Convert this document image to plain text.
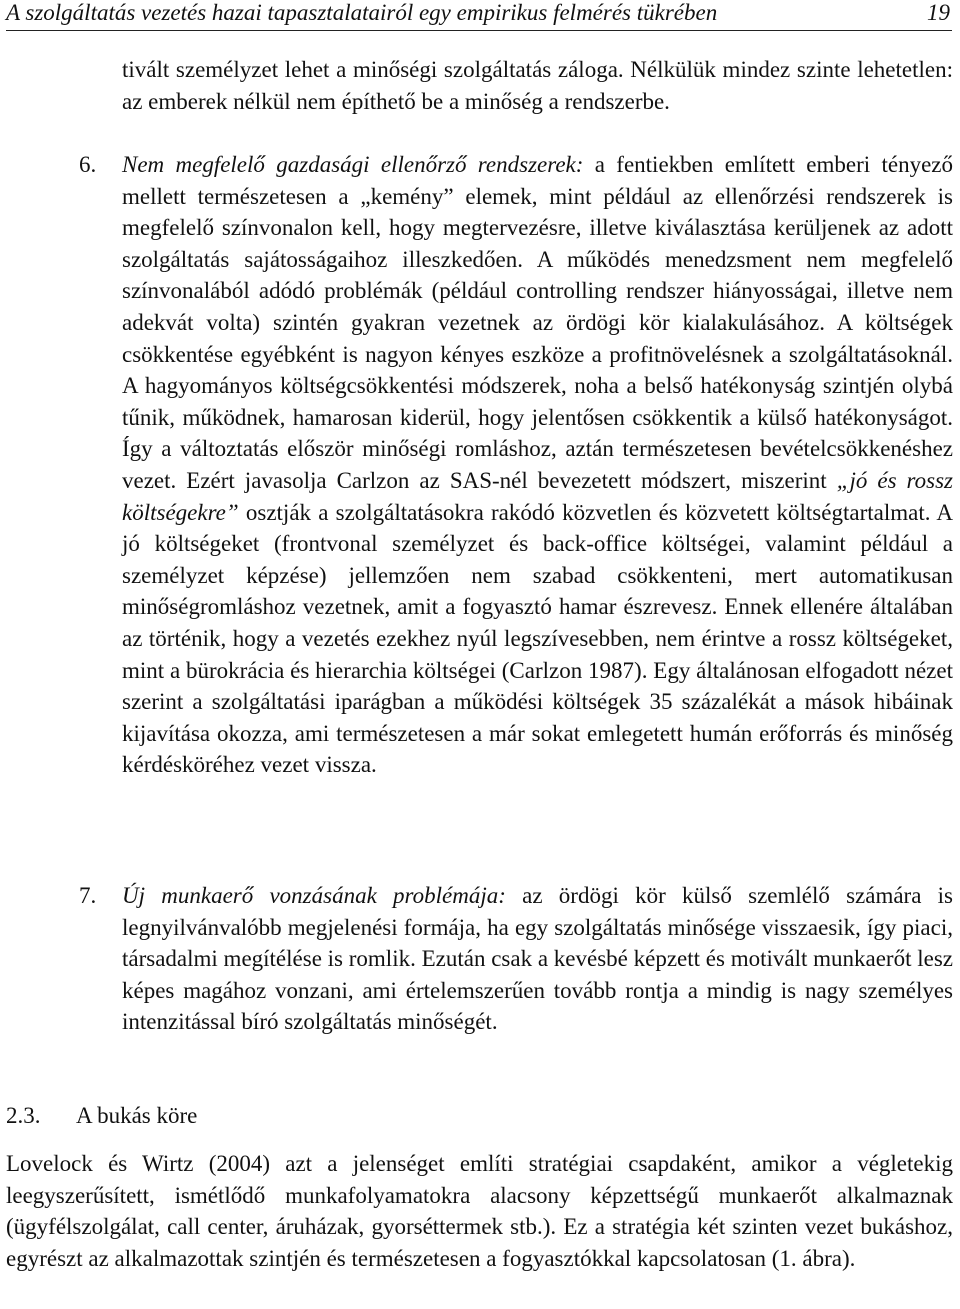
A szolgáltatás vezetés hazai tapasztalatairól egy empirikus felmérés tükrében	19
tivált személyzet lehet a minőségi szolgáltatás záloga. Nélkülük mindez szinte lehetetlen: az emberek nélkül nem építhető be a minőség a rendszerbe.
6. Nem megfelelő gazdasági ellenőrző rendszerek: a fentiekben említett emberi tényező mellett természetesen a „kemény” elemek, mint például az ellenőrzési rendszerek is megfelelő színvonalon kell, hogy megtervezésre, illetve kiválasztása kerüljenek az adott szolgáltatás sajátosságaihoz illeszkedően. A működés menedzsment nem megfelelő színvonalából adódó problémák (például controlling rendszer hiányosságai, illetve nem adekvát volta) szintén gyakran vezetnek az ördögi kör kialakulásához. A költségek csökkentése egyébként is nagyon kényes eszköze a profitnövelésnek a szolgáltatásoknál. A hagyományos költségcsökkentési módszerek, noha a belső hatékonyság szintjén olybá tűnik, működnek, hamarosan kiderül, hogy jelentősen csökkentik a külső hatékonyságot. Így a változtatás először minőségi romláshoz, aztán természetesen bevételcsökkenéshez vezet. Ezért javasolja Carlzon az SAS-nél bevezetett módszert, miszerint „jó és rossz költségekre” osztják a szolgáltatásokra rakódó közvetlen és közvetett költségtartalmat. A jó költségeket (frontvonal személyzet és back-office költségei, valamint például a személyzet képzése) jellemzően nem szabad csökkenteni, mert automatikusan minőségromláshoz vezetnek, amit a fogyasztó hamar észrevesz. Ennek ellenére általában az történik, hogy a vezetés ezekhez nyúl legszívesebben, nem érintve a rossz költségeket, mint a bürokrácia és hierarchia költségei (Carlzon 1987). Egy általánosan elfogadott nézet szerint a szolgáltatási iparágban a működési költségek 35 százalékát a mások hibáinak kijavítása okozza, ami természetesen a már sokat emlegetett humán erőforrás és minőség kérdésköréhez vezet vissza.
7. Új munkaerő vonzásának problémája: az ördögi kör külső szemlélő számára is legnyilvánvalóbb megjelenési formája, ha egy szolgáltatás minősége visszaesik, így piaci, társadalmi megítélése is romlik. Ezután csak a kevésbé képzett és motivált munkaerőt lesz képes magához vonzani, ami értelemszerűen tovább rontja a mindig is nagy személyes intenzitással bíró szolgáltatás minőségét.
2.3. A bukás köre
Lovelock és Wirtz (2004) azt a jelenséget említi stratégiai csapdaként, amikor a végletekig leegyszerűsített, ismétlődő munkafolyamatokra alacsony képzettségű munkaerőt alkalmaznak (ügyfélszolgálat, call center, áruházak, gyorséttermek stb.). Ez a stratégia két szinten vezet bukáshoz, egyrészt az alkalmazottak szintjén és természetesen a fogyasztókkal kapcsolatosan (1. ábra).
